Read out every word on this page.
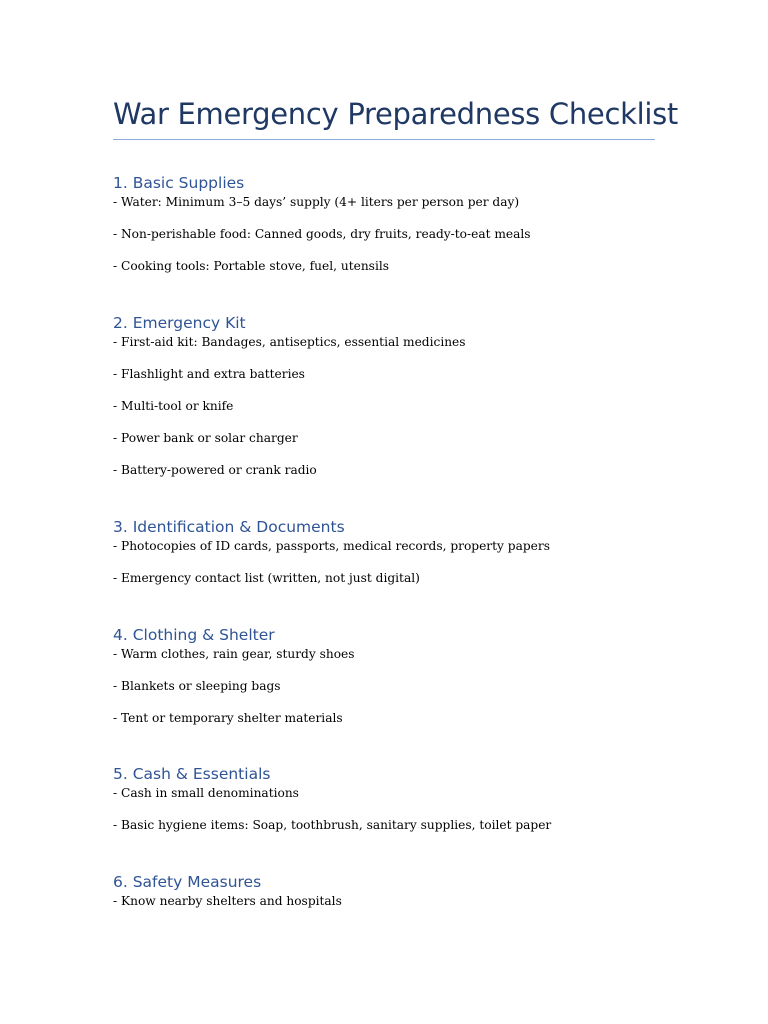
War Emergency Preparedness Checklist
1. Basic Supplies
- Water: Minimum 3–5 days’ supply (4+ liters per person per day)
- Non-perishable food: Canned goods, dry fruits, ready-to-eat meals
- Cooking tools: Portable stove, fuel, utensils
2. Emergency Kit
- First-aid kit: Bandages, antiseptics, essential medicines
- Flashlight and extra batteries
- Multi-tool or knife
- Power bank or solar charger
- Battery-powered or crank radio
3. Identification & Documents
- Photocopies of ID cards, passports, medical records, property papers
- Emergency contact list (written, not just digital)
4. Clothing & Shelter
- Warm clothes, rain gear, sturdy shoes
- Blankets or sleeping bags
- Tent or temporary shelter materials
5. Cash & Essentials
- Cash in small denominations
- Basic hygiene items: Soap, toothbrush, sanitary supplies, toilet paper
6. Safety Measures
- Know nearby shelters and hospitals
